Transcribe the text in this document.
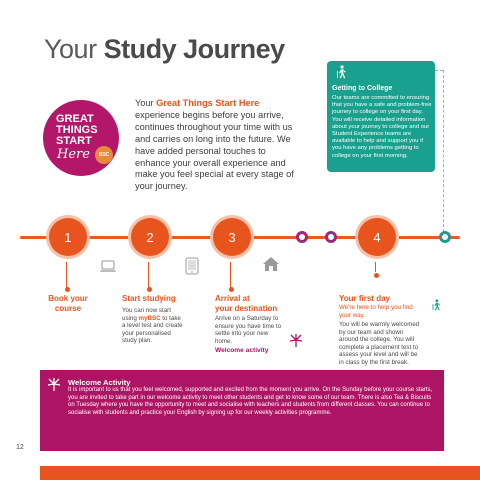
Your Study Journey
GREAT
THINGS
START
Here	BSC
Your Great Things Start Here experience begins before you arrive, continues throughout your time with us and carries on long into the future. We have added personal touches to enhance your overall experience and make you feel special at every stage of your journey.
Getting to College
Our teams are committed to ensuring that you have a safe and problem-free journey to college on your first day. You will receive detailed information about your journey to college and our Student Experience teams are available to help and support you if you have any problems getting to college on your first morning.
1	2	3	4
Book your
course
Start studying
You can now start using myBSC to take a level test and create your personalised study plan.
Arrival at
your destination
Arrive on a Saturday to ensure you have time to settle into your new home.
Welcome activity
Your first day
We're here to help you find your way.
You will be warmly welcomed by our team and shown around the college. You will complete a placement test to assess your level and will be in class by the first break.
Welcome Activity
It is important to us that you feel welcomed, supported and excited from the moment you arrive. On the Sunday before your course starts, you are invited to take part in our welcome activity to meet other students and get to know some of our team. There is also Tea & Biscuits on Tuesday where you have the opportunity to meet and socialise with teachers and students from different classes. You can continue to socialise with students and practice your English by signing up for our weekly activities programme.
12
